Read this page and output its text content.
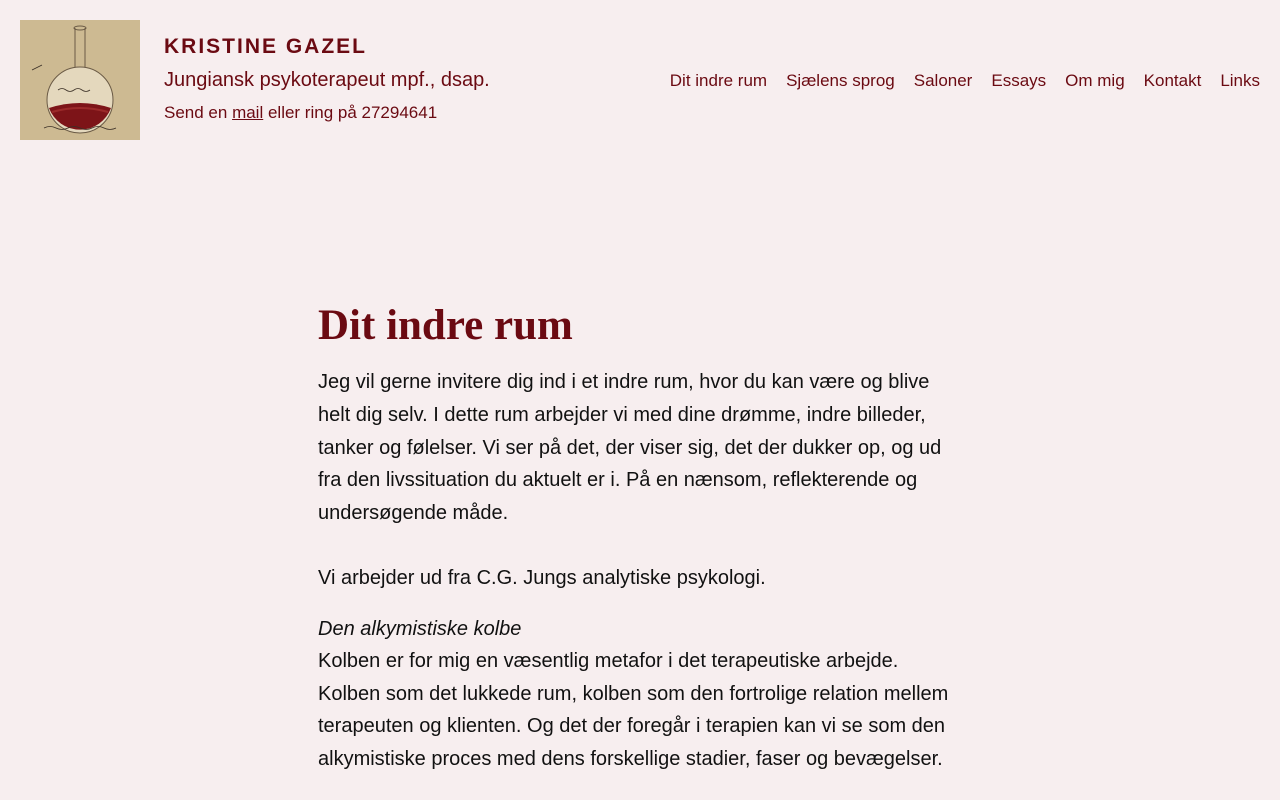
KRISTINE GAZEL
Jungiansk psykoterapeut mpf., dsap.
Send en mail eller ring på 27294641
Dit indre rum Sjælens sprog Saloner Essays Om mig Kontakt Links
Dit indre rum

Jeg vil gerne invitere dig ind i et indre rum, hvor du kan være og blive helt dig selv. I dette rum arbejder vi med dine drømme, indre billeder, tanker og følelser. Vi ser på det, der viser sig, det der dukker op, og ud fra den livssituation du aktuelt er i. På en nænsom, reflekterende og undersøgende måde.

Vi arbejder ud fra C.G. Jungs analytiske psykologi.

Den alkymistiske kolbe

Kolben er for mig en væsentlig metafor i det terapeutiske arbejde. Kolben som det lukkede rum, kolben som den fortrolige relation mellem terapeuten og klienten. Og det der foregår i terapien kan vi se som den alkymistiske proces med dens forskellige stadier, faser og bevægelser.
